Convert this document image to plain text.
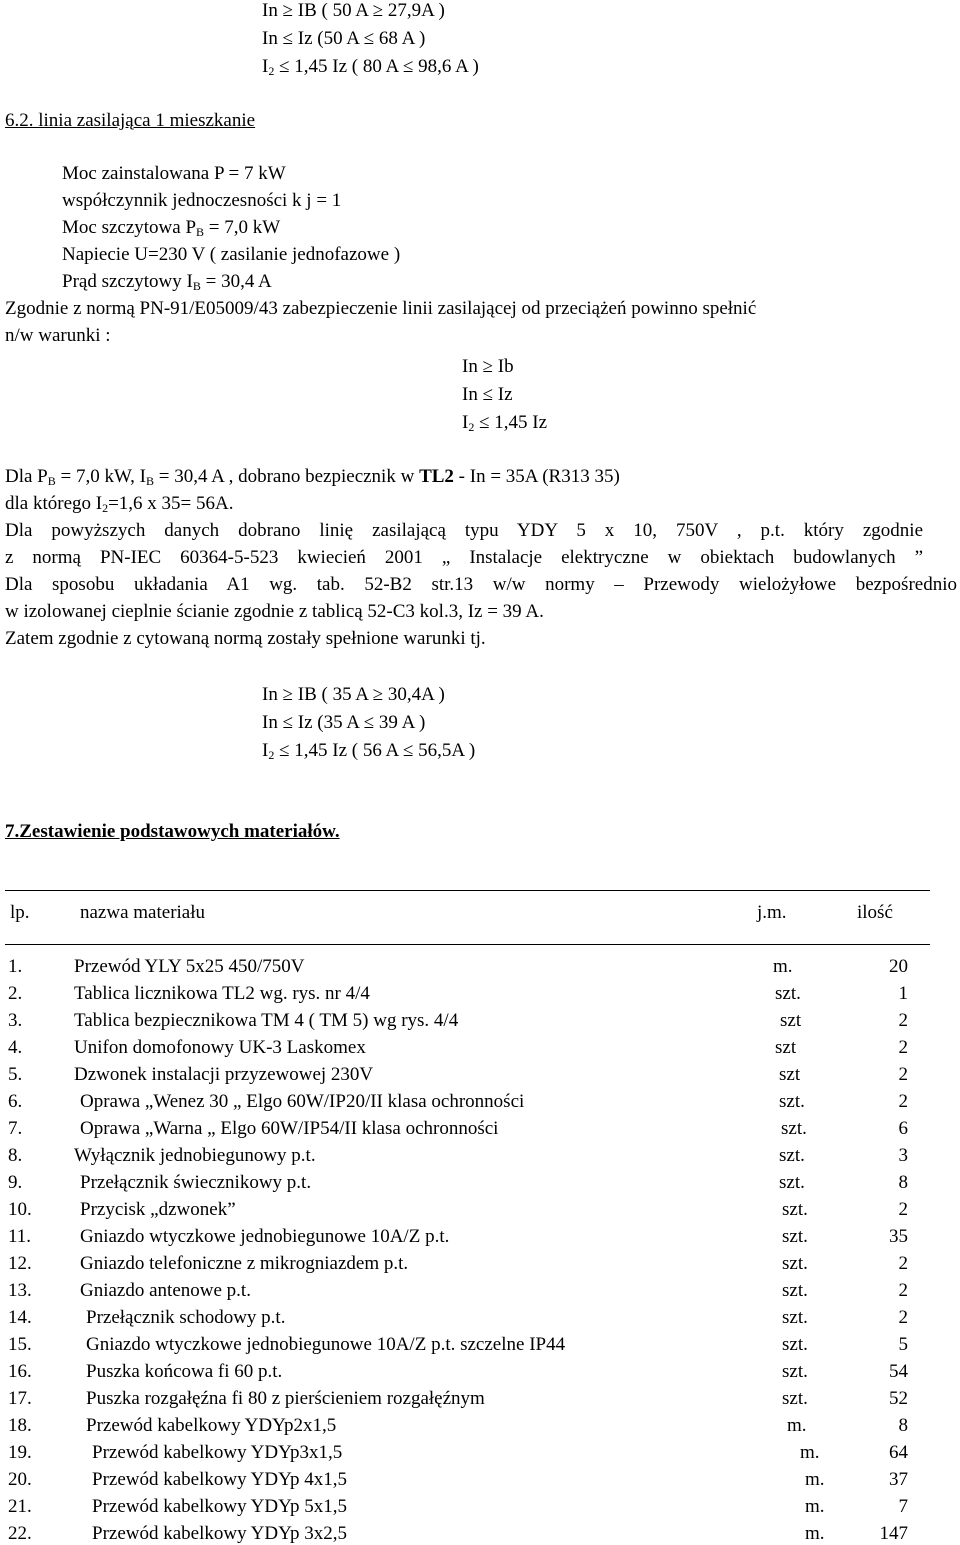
In ≥ IB ( 50 A ≥ 27,9A )
In ≤ Iz (50 A ≤ 68 A )
$I_2 \le 1,45$ Iz ( 80 A ≤ 98,6 A )
6.2. linia zasilająca 1 mieszkanie
Moc zainstalowana P = 7 kW
współczynnik jednoczesności k j = 1
Moc szczytowa $P_B = 7,0$ kW
Napiecie U=230 V ( zasilanie jednofazowe )
Prąd szczytowy $I_B = 30,4$ A
Zgodnie z normą PN-91/E05009/43 zabezpieczenie linii zasilającej od przeciążeń powinno spełnić
n/w warunki :
In ≥ Ib
In ≤ Iz
$I_2 \le 1,45$ Iz
Dla $P_B = 7,0$ kW, $I_B = 30,4$ A , dobrano bezpiecznik w TL2 - In = 35A (R313 35)
dla którego $I_2=1,6$ x 35= 56A.
Dla powyższych danych dobrano linię zasilającą typu YDY 5 x 10, 750V , p.t. który zgodnie
z normą PN-IEC 60364-5-523 kwiecień 2001 „ Instalacje elektryczne w obiektach budowlanych ”
Dla sposobu układania A1 wg. tab. 52-B2 str.13 w/w normy – Przewody wielożyłowe bezpośrednio
w izolowanej cieplnie ścianie zgodnie z tablicą 52-C3 kol.3, Iz = 39 A.
Zatem zgodnie z cytowaną normą zostały spełnione warunki tj.
In ≥ IB ( 35 A ≥ 30,4A )
In ≤ Iz (35 A ≤ 39 A )
$I_2 \le 1,45$ Iz ( 56 A ≤ 56,5A )
7.Zestawienie podstawowych materiałów.
lp.	nazwa materiału	j.m.	ilość
1.	Przewód YLY 5x25 450/750V	m.	20
2.	Tablica licznikowa TL2 wg. rys. nr 4/4	szt.	1
3.	Tablica bezpiecznikowa TM 4 ( TM 5) wg rys. 4/4	szt	2
4.	Unifon domofonowy UK-3 Laskomex	szt	2
5.	Dzwonek instalacji przyzewowej 230V	szt	2
6.	Oprawa „Wenez 30 „ Elgo 60W/IP20/II klasa ochronności	szt.	2
7.	Oprawa „Warna „ Elgo 60W/IP54/II klasa ochronności	szt.	6
8.	Wyłącznik jednobiegunowy p.t.	szt.	3
9.	Przełącznik świecznikowy p.t.	szt.	8
10.	Przycisk „dzwonek”	szt.	2
11.	Gniazdo wtyczkowe jednobiegunowe 10A/Z p.t.	szt.	35
12.	Gniazdo telefoniczne z mikrogniazdem p.t.	szt.	2
13.	Gniazdo antenowe p.t.	szt.	2
14.	Przełącznik schodowy p.t.	szt.	2
15.	Gniazdo wtyczkowe jednobiegunowe 10A/Z p.t. szczelne IP44	szt.	5
16.	Puszka końcowa fi 60 p.t.	szt.	54
17.	Puszka rozgałęźna fi 80 z pierścieniem rozgałęźnym	szt.	52
18.	Przewód kabelkowy YDYp2x1,5	m.	8
19.	Przewód kabelkowy YDYp3x1,5	m.	64
20.	Przewód kabelkowy YDYp 4x1,5	m.	37
21.	Przewód kabelkowy YDYp 5x1,5	m.	7
22.	Przewód kabelkowy YDYp 3x2,5	m.	147
